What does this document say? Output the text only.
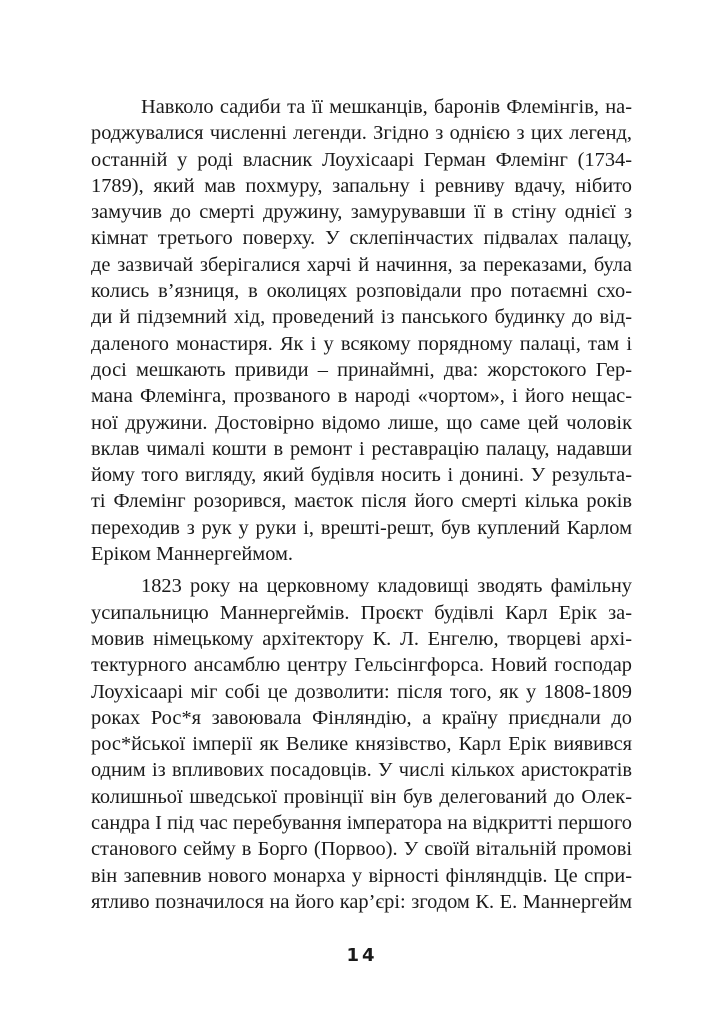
Навколо садиби та її мешканців, баронів Флемінгів, на-
роджувалися численні легенди. Згідно з однією з цих легенд,
останній у роді власник Лоухісаарі Герман Флемінг (1734-
1789), який мав похмуру, запальну і ревниву вдачу, нібито
замучив до смерті дружину, замурувавши її в стіну однієї з
кімнат третього поверху. У склепінчастих підвалах палацу,
де зазвичай зберігалися харчі й начиння, за переказами, була
колись в’язниця, в околицях розповідали про потаємні схо-
ди й підземний хід, проведений із панського будинку до від-
даленого монастиря. Як і у всякому порядному палаці, там і
досі мешкають привиди – принаймні, два: жорстокого Гер-
мана Флемінга, прозваного в народі «чортом», і його нещас-
ної дружини. Достовірно відомо лише, що саме цей чоловік
вклав чималі кошти в ремонт і реставрацію палацу, надавши
йому того вигляду, який будівля носить і донині. У результа-
ті Флемінг розорився, маєток після його смерті кілька років
переходив з рук у руки і, врешті-решт, був куплений Карлом
Еріком Маннергеймом.

1823 року на церковному кладовищі зводять фамільну
усипальницю Маннергеймів. Проєкт будівлі Карл Ерік за-
мовив німецькому архітектору К. Л. Енгелю, творцеві архі-
тектурного ансамблю центру Гельсінгфорса. Новий господар
Лоухісаарі міг собі це дозволити: після того, як у 1808-1809
роках Рос*я завоювала Фінляндію, а країну приєднали до
рос*йської імперії як Велике князівство, Карл Ерік виявився
одним із впливових посадовців. У числі кількох аристократів
колишньої шведської провінції він був делегований до Олек-
сандра I під час перебування імператора на відкритті першого
станового сейму в Борго (Порвоо). У своїй вітальній промові
він запевнив нового монарха у вірності фінляндців. Це спри-
ятливо позначилося на його кар’єрі: згодом К. Е. Маннергейм

14
